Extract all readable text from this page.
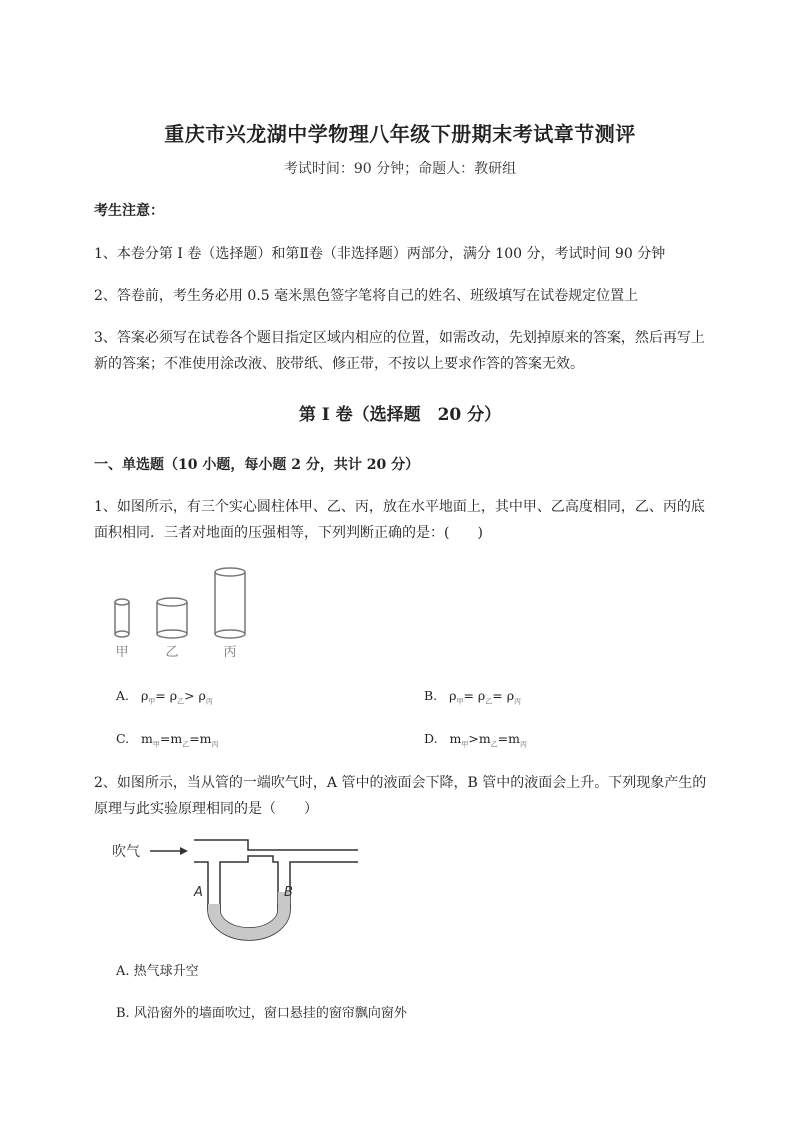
重庆市兴龙湖中学物理八年级下册期末考试章节测评
考试时间：90 分钟；命题人：教研组
考生注意：
1、本卷分第 I 卷（选择题）和第Ⅱ卷（非选择题）两部分，满分 100 分，考试时间 90 分钟
2、答卷前，考生务必用 0.5 毫米黑色签字笔将自己的姓名、班级填写在试卷规定位置上
3、答案必须写在试卷各个题目指定区域内相应的位置，如需改动，先划掉原来的答案，然后再写上新的答案；不准使用涂改液、胶带纸、修正带，不按以上要求作答的答案无效。
第 I 卷（选择题　20 分）
一、单选题（10 小题，每小题 2 分，共计 20 分）
1、如图所示，有三个实心圆柱体甲、乙、丙，放在水平地面上，其中甲、乙高度相同，乙、丙的底面积相同．三者对地面的压强相等，下列判断正确的是：(　　)
甲	乙	丙
A. $\rho_甲= \rho_乙> \rho_丙$	B. $\rho_甲= \rho_乙= \rho_丙$
C. $m_甲=m_乙=m_丙$	D. $m_甲>m_乙=m_丙$
2、如图所示，当从管的一端吹气时，A 管中的液面会下降，B 管中的液面会上升。下列现象产生的原理与此实验原理相同的是（　　）
吹气
A	B
A. 热气球升空
B. 风沿窗外的墙面吹过，窗口悬挂的窗帘飘向窗外
